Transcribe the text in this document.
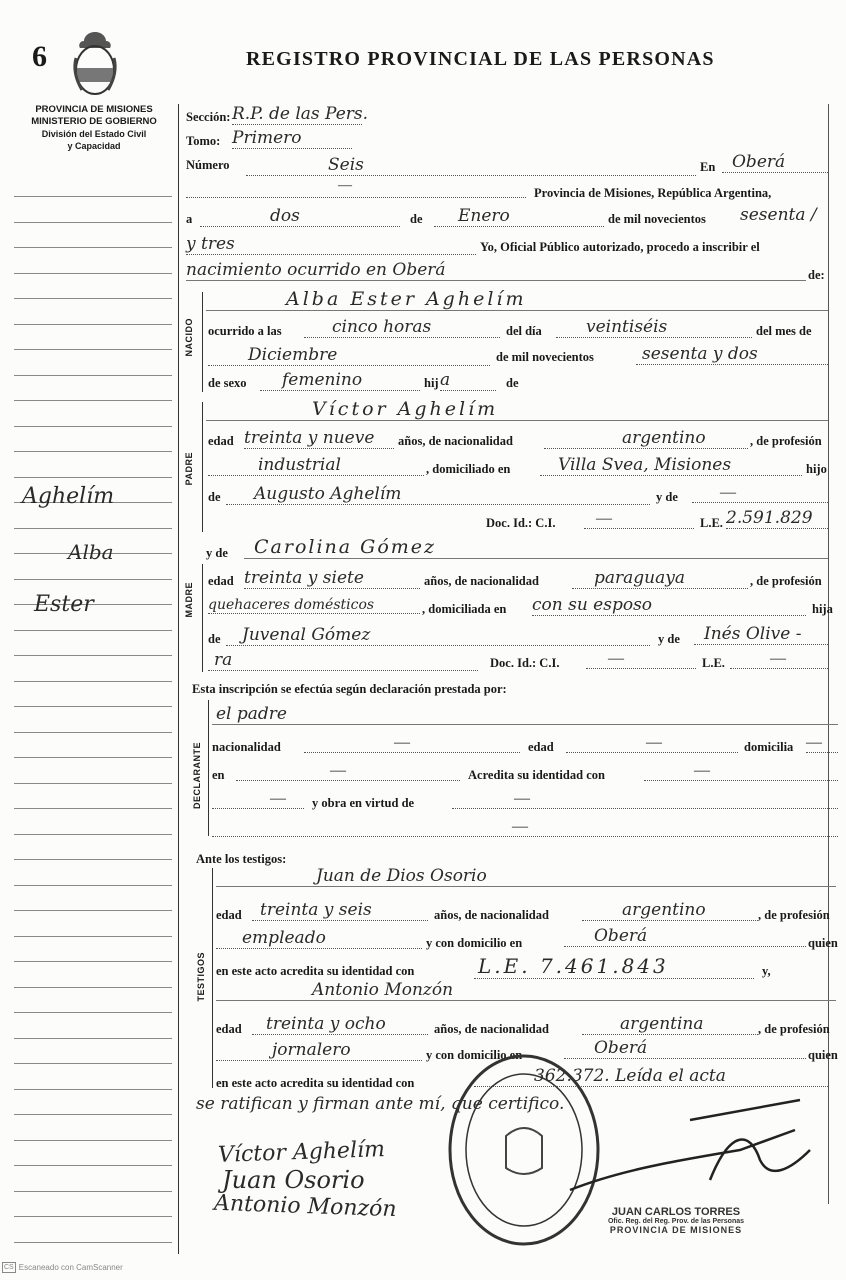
6	REGISTRO PROVINCIAL DE LAS PERSONAS
PROVINCIA DE MISIONES
MINISTERIO DE GOBIERNO
División del Estado Civil
y Capacidad
Aghelím
Alba
Ester
Sección: R.P. de las Pers.
Tomo: Primero
Número	Seis	En Oberá
—	Provincia de Misiones, República Argentina,
a	dos	de	Enero	de mil novecientos sesenta /
y tres	Yo, Oficial Público autorizado, procedo a inscribir el
nacimiento ocurrido en Oberá	de:
NACIDO
Alba Ester Aghelím
ocurrido a las	cinco horas	del día	veintiséis	del mes de
Diciembre	de mil novecientos	sesenta y dos
de sexo	femenino	hij a	de
PADRE
Víctor Aghelím
edad treinta y nueve	años, de nacionalidad	argentino	, de profesión
industrial	, domiciliado en	Villa Svea, Misiones	hijo
de	Augusto Aghelím	y de	—
Doc. Id.: C.I.	—	L.E. 2.591.829
MADRE
y de	Carolina Gómez
edad treinta y siete	años, de nacionalidad	paraguaya	, de profesión
quehaceres domésticos	, domiciliada en con su esposo	hija
de	Juvenal Gómez	y de	Inés Olive -
ra	Doc. Id.: C.I.	—	L.E.	—
Esta inscripción se efectúa según declaración prestada por:
DECLARANTE
el padre
nacionalidad	—	edad	—	domicilia —
en	—	Acredita su identidad con	—
—	y obra en virtud de	—
—
Ante los testigos:
TESTIGOS
Juan de Dios Osorio
edad	treinta y seis	años, de nacionalidad	argentino	, de profesión
empleado	y con domicilio en	Oberá	quien
en este acto acredita su identidad con	L.E. 7.461.843	y,
Antonio Monzón
edad	treinta y ocho	años, de nacionalidad	argentina	, de profesión
jornalero	y con domicilio en	Oberá	quien
en este acto acredita su identidad con	362.372. Leída el acta
se ratifican y firman ante mí, que certifico.
Víctor Aghelím
Juan Osorio
Antonio Monzón	JUAN CARLOS TORRES
Ofic. Reg. del Reg. Prov. de las Personas
PROVINCIA DE MISIONES
CS Escaneado con CamScanner
